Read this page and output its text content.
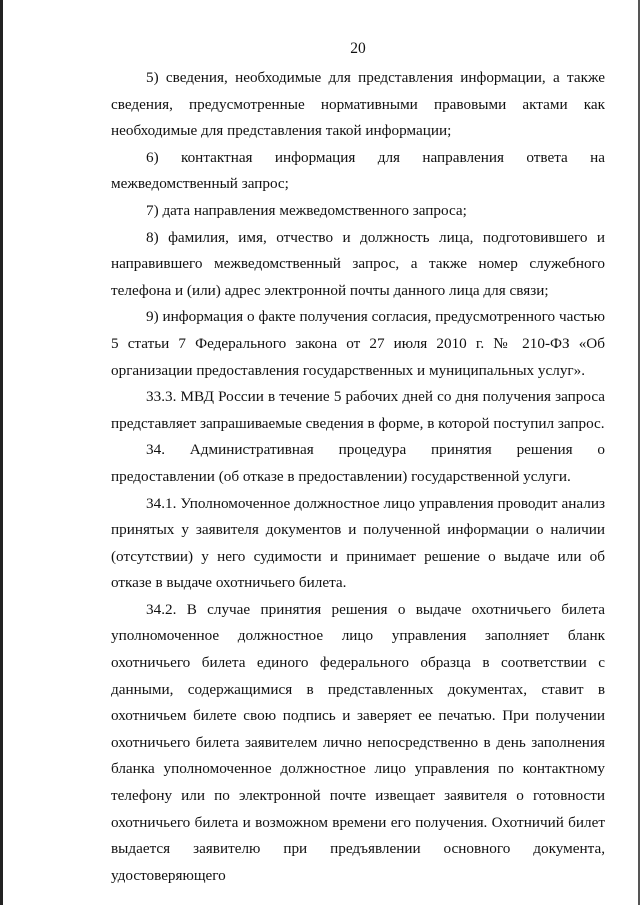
20

5) сведения, необходимые для представления информации, а также сведения, предусмотренные нормативными правовыми актами как необходимые для представления такой информации;

6) контактная информация для направления ответа на межведомственный запрос;

7) дата направления межведомственного запроса;

8) фамилия, имя, отчество и должность лица, подготовившего и направившего межведомственный запрос, а также номер служебного телефона и (или) адрес электронной почты данного лица для связи;

9) информация о факте получения согласия, предусмотренного частью 5 статьи 7 Федерального закона от 27 июля 2010 г. № 210-ФЗ «Об организации предоставления государственных и муниципальных услуг».

33.3. МВД России в течение 5 рабочих дней со дня получения запроса представляет запрашиваемые сведения в форме, в которой поступил запрос.

34. Административная процедура принятия решения о предоставлении (об отказе в предоставлении) государственной услуги.

34.1. Уполномоченное должностное лицо управления проводит анализ принятых у заявителя документов и полученной информации о наличии (отсутствии) у него судимости и принимает решение о выдаче или об отказе в выдаче охотничьего билета.

34.2. В случае принятия решения о выдаче охотничьего билета уполномоченное должностное лицо управления заполняет бланк охотничьего билета единого федерального образца в соответствии с данными, содержащимися в представленных документах, ставит в охотничьем билете свою подпись и заверяет ее печатью. При получении охотничьего билета заявителем лично непосредственно в день заполнения бланка уполномоченное должностное лицо управления по контактному телефону или по электронной почте извещает заявителя о готовности охотничьего билета и возможном времени его получения. Охотничий билет выдается заявителю при предъявлении основного документа, удостоверяющего
